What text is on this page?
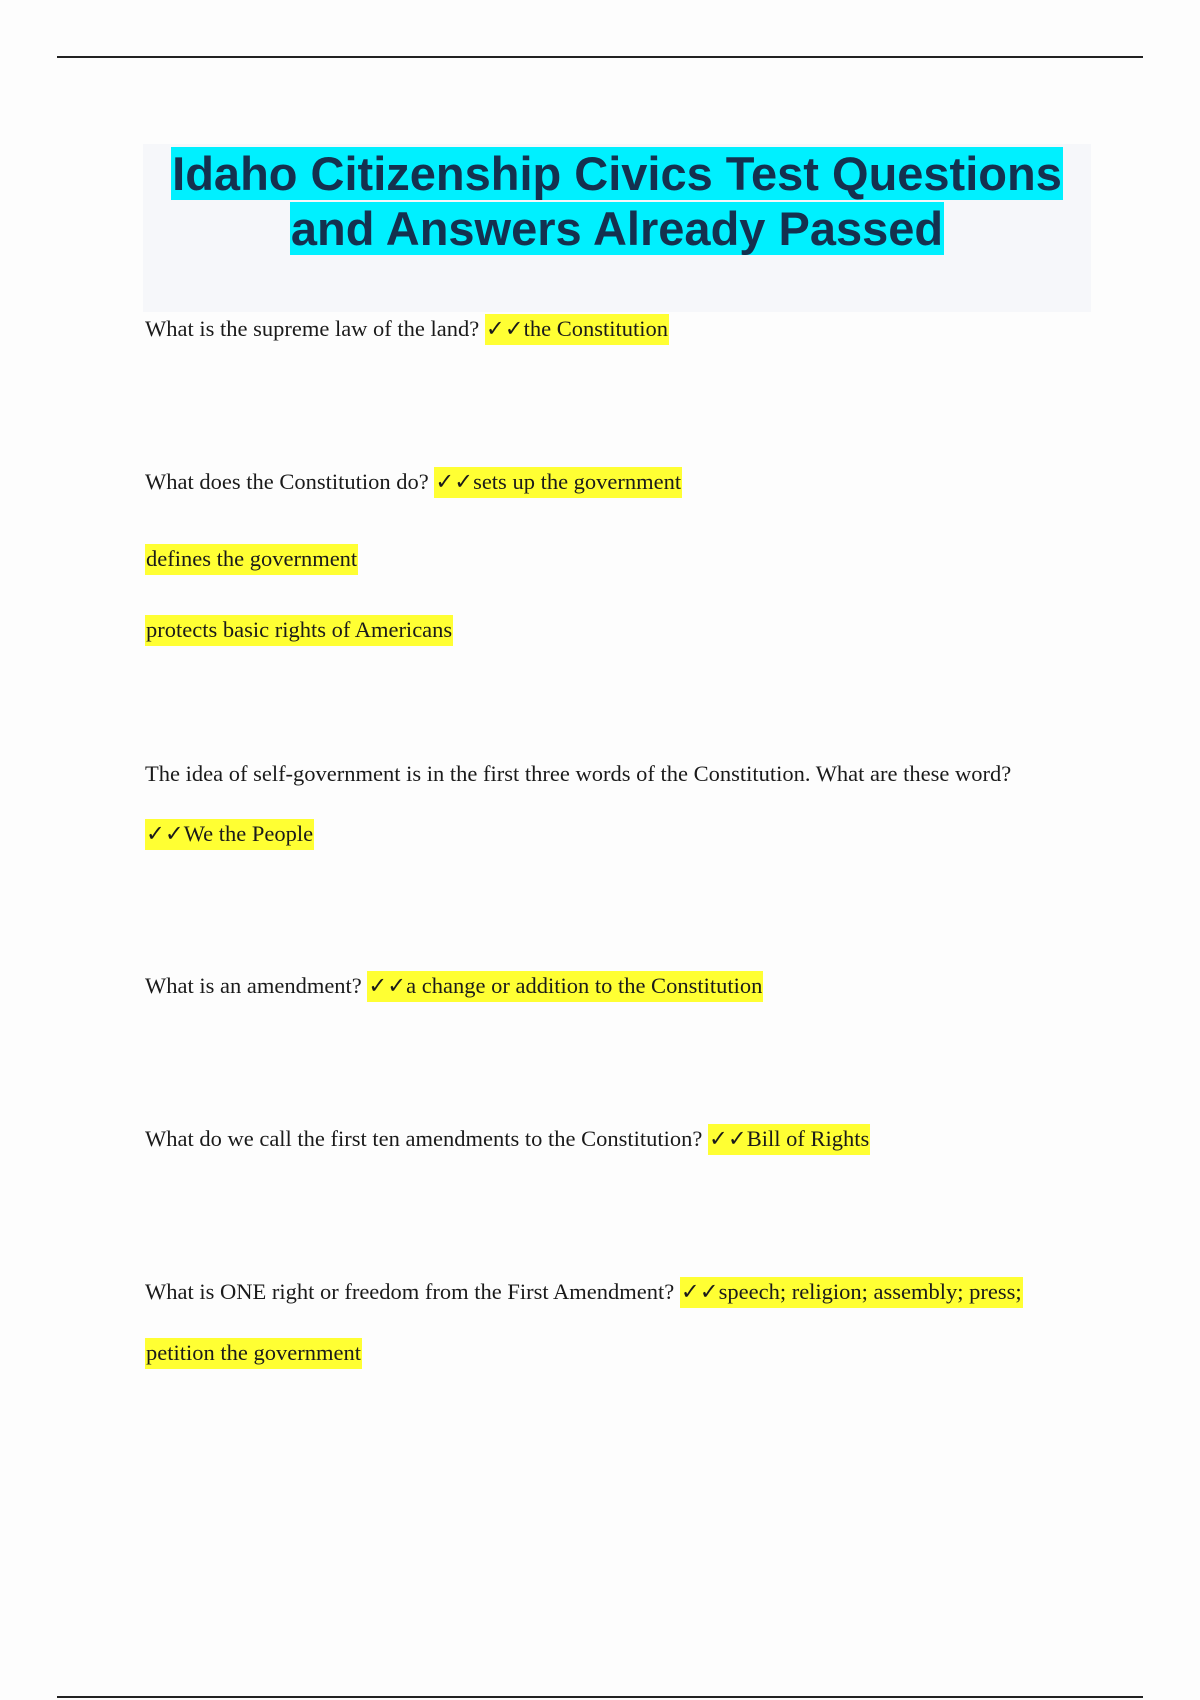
Idaho Citizenship Civics Test Questions
and Answers Already Passed
What is the supreme law of the land? ✓✓the Constitution
What does the Constitution do? ✓✓sets up the government
defines the government
protects basic rights of Americans
The idea of self-government is in the first three words of the Constitution. What are these word?
✓✓We the People
What is an amendment? ✓✓a change or addition to the Constitution
What do we call the first ten amendments to the Constitution? ✓✓Bill of Rights
What is ONE right or freedom from the First Amendment? ✓✓speech; religion; assembly; press;
petition the government
